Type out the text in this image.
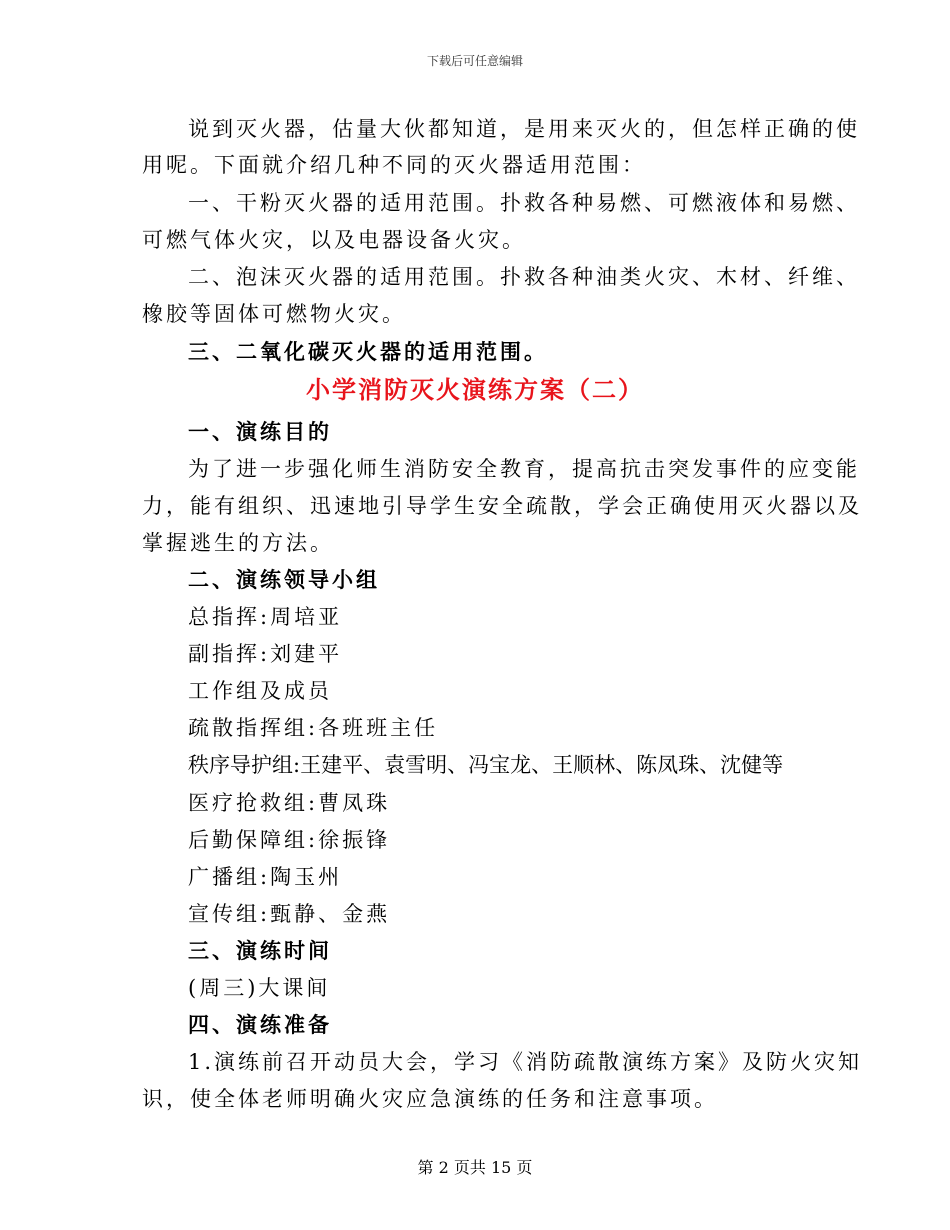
下载后可任意编辑
说到灭火器，估量大伙都知道，是用来灭火的，但怎样正确的使
用呢。下面就介绍几种不同的灭火器适用范围：
一、干粉灭火器的适用范围。扑救各种易燃、可燃液体和易燃、
可燃气体火灾，以及电器设备火灾。
二、泡沫灭火器的适用范围。扑救各种油类火灾、木材、纤维、
橡胶等固体可燃物火灾。
三、二氧化碳灭火器的适用范围。
小学消防灭火演练方案（二）
一、演练目的
为了进一步强化师生消防安全教育，提高抗击突发事件的应变能
力，能有组织、迅速地引导学生安全疏散，学会正确使用灭火器以及
掌握逃生的方法。
二、演练领导小组
总指挥:周培亚
副指挥:刘建平
工作组及成员
疏散指挥组:各班班主任
秩序导护组:王建平、袁雪明、冯宝龙、王顺林、陈凤珠、沈健等
医疗抢救组:曹凤珠
后勤保障组:徐振锋
广播组:陶玉州
宣传组:甄静、金燕
三、演练时间
(周三)大课间
四、演练准备
1.演练前召开动员大会，学习《消防疏散演练方案》及防火灾知
识，使全体老师明确火灾应急演练的任务和注意事项。
第 2 页共 15 页
